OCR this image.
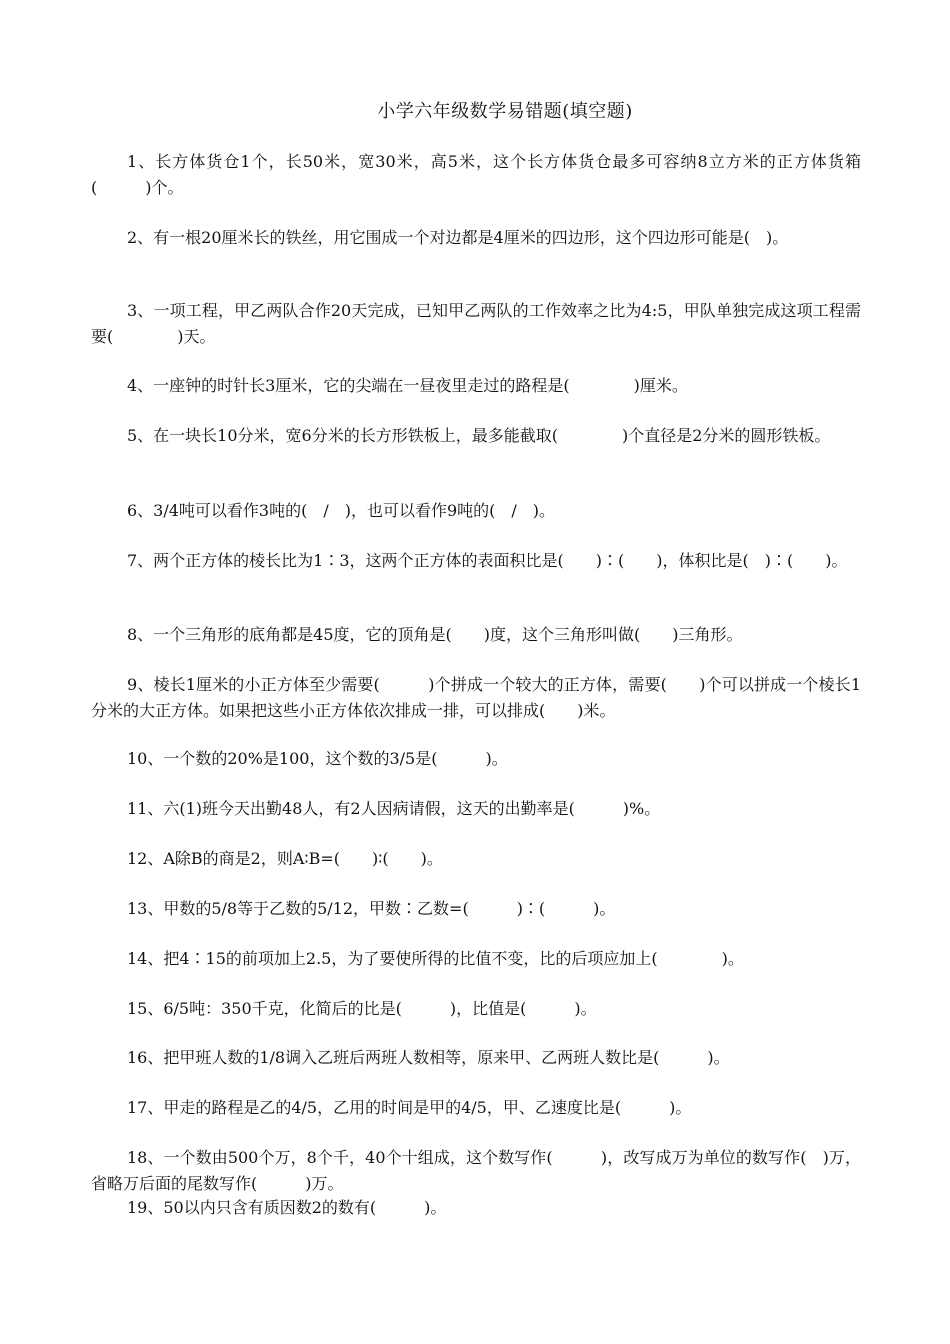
小学六年级数学易错题(填空题)

1、长方体货仓1个，长50米，宽30米，高5米，这个长方体货仓最多可容纳8立方米的正方体货箱(　　　)个。

2、有一根20厘米长的铁丝，用它围成一个对边都是4厘米的四边形，这个四边形可能是(　)。

3、一项工程，甲乙两队合作20天完成，已知甲乙两队的工作效率之比为4:5，甲队单独完成这项工程需要(　　　　)天。

4、一座钟的时针长3厘米，它的尖端在一昼夜里走过的路程是(　　　　)厘米。

5、在一块长10分米，宽6分米的长方形铁板上，最多能截取(　　　　)个直径是2分米的圆形铁板。

6、3/4吨可以看作3吨的(　/　)，也可以看作9吨的(　/　)。

7、两个正方体的棱长比为1∶3，这两个正方体的表面积比是(　　)∶(　　)，体积比是(　)∶(　　)。

8、一个三角形的底角都是45度，它的顶角是(　　)度，这个三角形叫做(　　)三角形。

9、棱长1厘米的小正方体至少需要(　　　)个拼成一个较大的正方体，需要(　　)个可以拼成一个棱长1分米的大正方体。如果把这些小正方体依次排成一排，可以排成(　　)米。

10、一个数的20%是100，这个数的3/5是(　　　)。

11、六(1)班今天出勤48人，有2人因病请假，这天的出勤率是(　　　)%。

12、A除B的商是2，则A∶B=(　　)∶(　　)。

13、甲数的5/8等于乙数的5/12，甲数∶乙数=(　　　)∶(　　　)。

14、把4∶15的前项加上2.5，为了要使所得的比值不变，比的后项应加上(　　　　)。

15、6/5吨：350千克，化简后的比是(　　　)，比值是(　　　)。

16、把甲班人数的1/8调入乙班后两班人数相等，原来甲、乙两班人数比是(　　　)。

17、甲走的路程是乙的4/5，乙用的时间是甲的4/5，甲、乙速度比是(　　　)。

18、一个数由500个万，8个千，40个十组成，这个数写作(　　　)，改写成万为单位的数写作(　)万，省略万后面的尾数写作(　　　)万。

19、50以内只含有质因数2的数有(　　　)。
